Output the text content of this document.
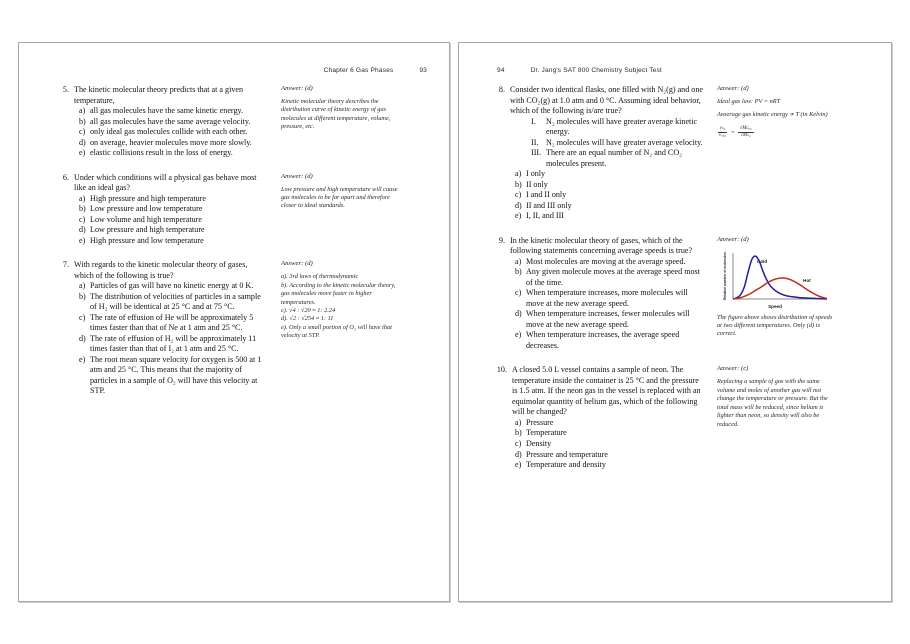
Chapter 6 Gas Phases	93
5. The kinetic molecular theory predicts that at a given temperature,
a) all gas molecules have the same kinetic energy.
b) all gas molecules have the same average velocity.
c) only ideal gas molecules collide with each other.
d) on average, heavier molecules move more slowly.
e) elastic collisions result in the loss of energy.
Answer: (d)
Kinetic molecular theory describes the distribution curve of kinetic energy of gas molecules at different temperature, volume, pressure, etc.
6. Under which conditions will a physical gas behave most like an ideal gas?
a) High pressure and high temperature
b) Low pressure and low temperature
c) Low volume and high temperature
d) Low pressure and high temperature
e) High pressure and low temperature
Answer: (d)
Low pressure and high temperature will cause gas molecules to be far apart and therefore closer to ideal standards.
7. With regards to the kinetic molecular theory of gases, which of the following is true?
a) Particles of gas will have no kinetic energy at 0 K.
b) The distribution of velocities of particles in a sample of H₂ will be identical at 25 °C and at 75 °C.
c) The rate of effusion of He will be approximately 5 times faster than that of Ne at 1 atm and 25 °C.
d) The rate of effusion of H₂ will be approximately 11 times faster than that of I₂ at 1 atm and 25 °C.
e) The root mean square velocity for oxygen is 500 at 1 atm and 25 °C. This means that the majority of particles in a sample of O₂ will have this velocity at STP.
Answer: (d)
a). 3rd laws of thermodynamic
b). According to the kinetic molecular theory, gas molecules move faster in higher temperatures.
c). √4 : √20 ≈ 1: 2.24
d). √2 : √254 ≈ 1: 11
e). Only a small portion of O₂ will have that velocity at STP.
94	Dr. Jang's SAT 800 Chemistry Subject Test
8. Consider two identical flasks, one filled with N₂(g) and one with CO₂(g) at 1.0 atm and 0 °C. Assuming ideal behavior, which of the following is/are true?
I.	N₂ molecules will have greater average kinetic energy.
II. N₂ molecules will have greater average velocity.
III. There are an equal number of N₂ and CO₂ molecules present.
a) I only
b) II only
c) I and II only
d) II and III only
e) I, II, and III
Answer: (d)
Ideal gas law: PV = nRT
Avaerage gas kinetic energy ∝ T (in Kelvin)
$\frac{\text{vₙ₂}}{\text{v꜀ₒ₂}} = \frac{\text{√Mᴄₒ₂}}{\text{√Mₙ₂}}$
9. In the kinetic molecular theory of gases, which of the following statements concerning average speeds is true?
a) Most molecules are moving at the average speed.
b) Any given molecule moves at the average speed most of the time.
c) When temperature increases, more molecules will move at the new average speed.
d) When temperature increases, fewer molecules will move at the new average speed.
e) When temperature increases, the average speed decreases.
Answer: (d)
Cold
Hot
Speed
Relative number of molecules
The figure above shows distribution of speeds at two different temperatures. Only (d) is correct.
10. A closed 5.0 L vessel contains a sample of neon. The temperature inside the container is 25 °C and the pressure is 1.5 atm. If the neon gas in the vessel is replaced with an equimolar quantity of helium gas, which of the following will be changed?
a) Pressure
b) Temperature
c) Density
d) Pressure and temperature
e) Temperature and density
Answer: (c)
Replacing a sample of gas with the same volume and moles of another gas will not change the temperature or pressure. But the total mass will be reduced, since helium is lighter than neon, so density will also be reduced.
